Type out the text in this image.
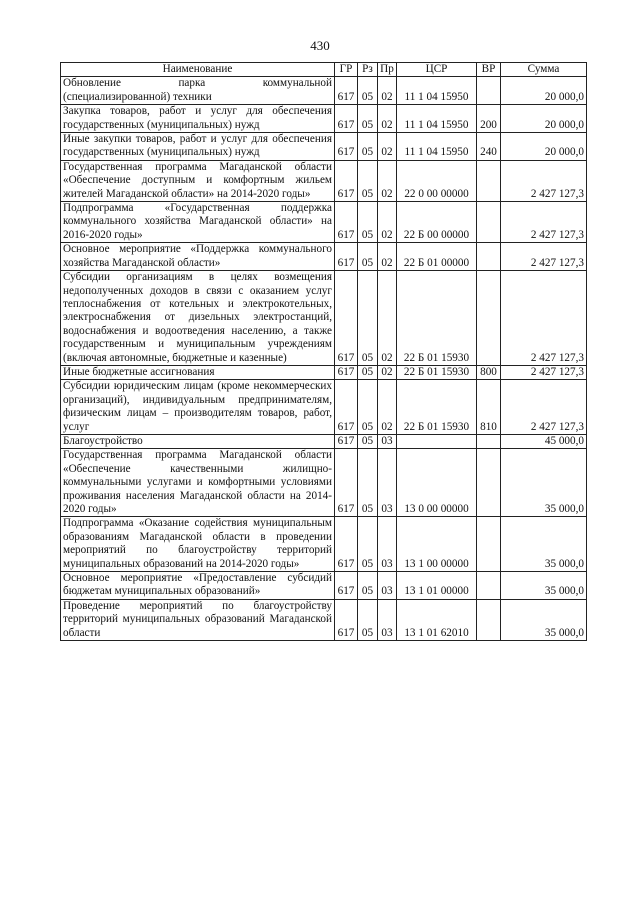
430
Наименование	ГР	Рз	Пр	ЦСР	ВР	Сумма
Обновление парка коммунальной (специализированной) техники	617	05	02	11 1 04 15950		20 000,0
Закупка товаров, работ и услуг для обеспечения государственных (муниципальных) нужд	617	05	02	11 1 04 15950	200	20 000,0
Иные закупки товаров, работ и услуг для обеспечения государственных (муниципальных) нужд	617	05	02	11 1 04 15950	240	20 000,0
Государственная программа Магаданской области «Обеспечение доступным и комфортным жильем жителей Магаданской области» на 2014-2020 годы»	617	05	02	22 0 00 00000		2 427 127,3
Подпрограмма «Государственная поддержка коммунального хозяйства Магаданской области» на 2016-2020 годы»	617	05	02	22 Б 00 00000		2 427 127,3
Основное мероприятие «Поддержка коммунального хозяйства Магаданской области»	617	05	02	22 Б 01 00000		2 427 127,3
Субсидии организациям в целях возмещения недополученных доходов в связи с оказанием услуг теплоснабжения от котельных и электрокотельных, электроснабжения от дизельных электростанций, водоснабжения и водоотведения населению, а также государственным и муниципальным учреждениям (включая автономные, бюджетные и казенные)	617	05	02	22 Б 01 15930		2 427 127,3
Иные бюджетные ассигнования	617	05	02	22 Б 01 15930	800	2 427 127,3
Субсидии юридическим лицам (кроме некоммерческих организаций), индивидуальным предпринимателям, физическим лицам – производителям товаров, работ, услуг	617	05	02	22 Б 01 15930	810	2 427 127,3
Благоустройство	617	05	03			45 000,0
Государственная программа Магаданской области «Обеспечение качественными жилищно-коммунальными услугами и комфортными условиями проживания населения Магаданской области на 2014-2020 годы»	617	05	03	13 0 00 00000		35 000,0
Подпрограмма «Оказание содействия муниципальным образованиям Магаданской области в проведении мероприятий по благоустройству территорий муниципальных образований на 2014-2020 годы»	617	05	03	13 1 00 00000		35 000,0
Основное мероприятие «Предоставление субсидий бюджетам муниципальных образований»	617	05	03	13 1 01 00000		35 000,0
Проведение мероприятий по благоустройству территорий муниципальных образований Магаданской области	617	05	03	13 1 01 62010		35 000,0
